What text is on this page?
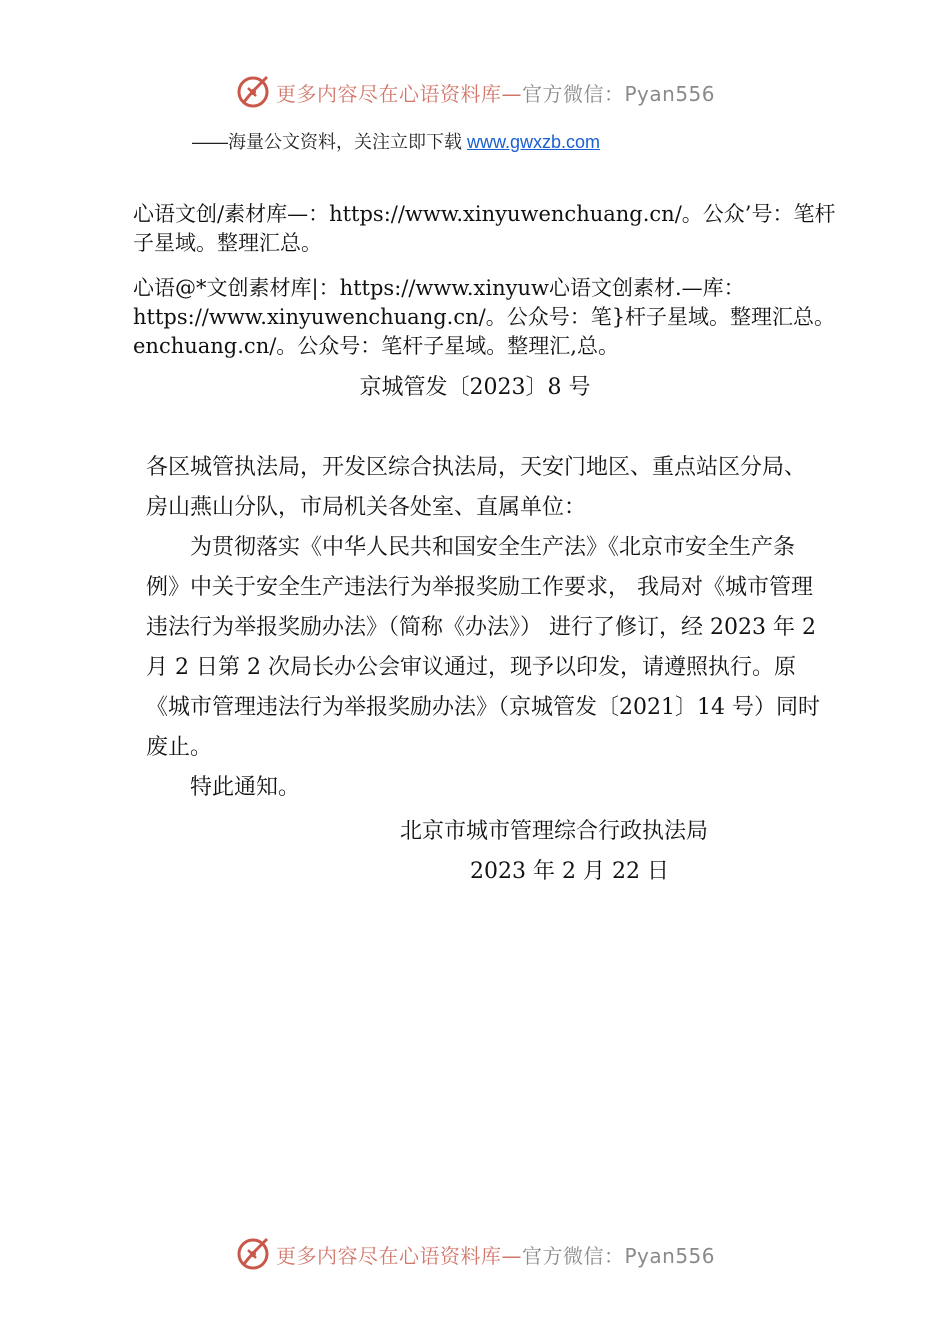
更多内容尽在心语资料库—官方微信：Pyan556
——海量公文资料，关注立即下载 www.gwxzb.com
心语文创/素材库—：https://www.xinyuwenchuang.cn/。公众’号：笔杆子星域。整理汇总。
心语@*文创素材库|：https://www.xinyuw心语文创素材.—库：https://www.xinyuwenchuang.cn/。公众号：笔}杆子星域。整理汇总。enchuang.cn/。公众号：笔杆子星域。整理汇,总。
京城管发〔2023〕8 号
各区城管执法局，开发区综合执法局，天安门地区、重点站区分局、房山燕山分队，市局机关各处室、直属单位：
为贯彻落实《中华人民共和国安全生产法》《北京市安全生产条例》中关于安全生产违法行为举报奖励工作要求， 我局对《城市管理违法行为举报奖励办法》（简称《办法》） 进行了修订，经 2023 年 2 月 2 日第 2 次局长办公会审议通过，现予以印发，请遵照执行。原《城市管理违法行为举报奖励办法》（京城管发〔2021〕14 号）同时废止。
特此通知。
北京市城市管理综合行政执法局
2023 年 2 月 22 日
更多内容尽在心语资料库—官方微信：Pyan556
